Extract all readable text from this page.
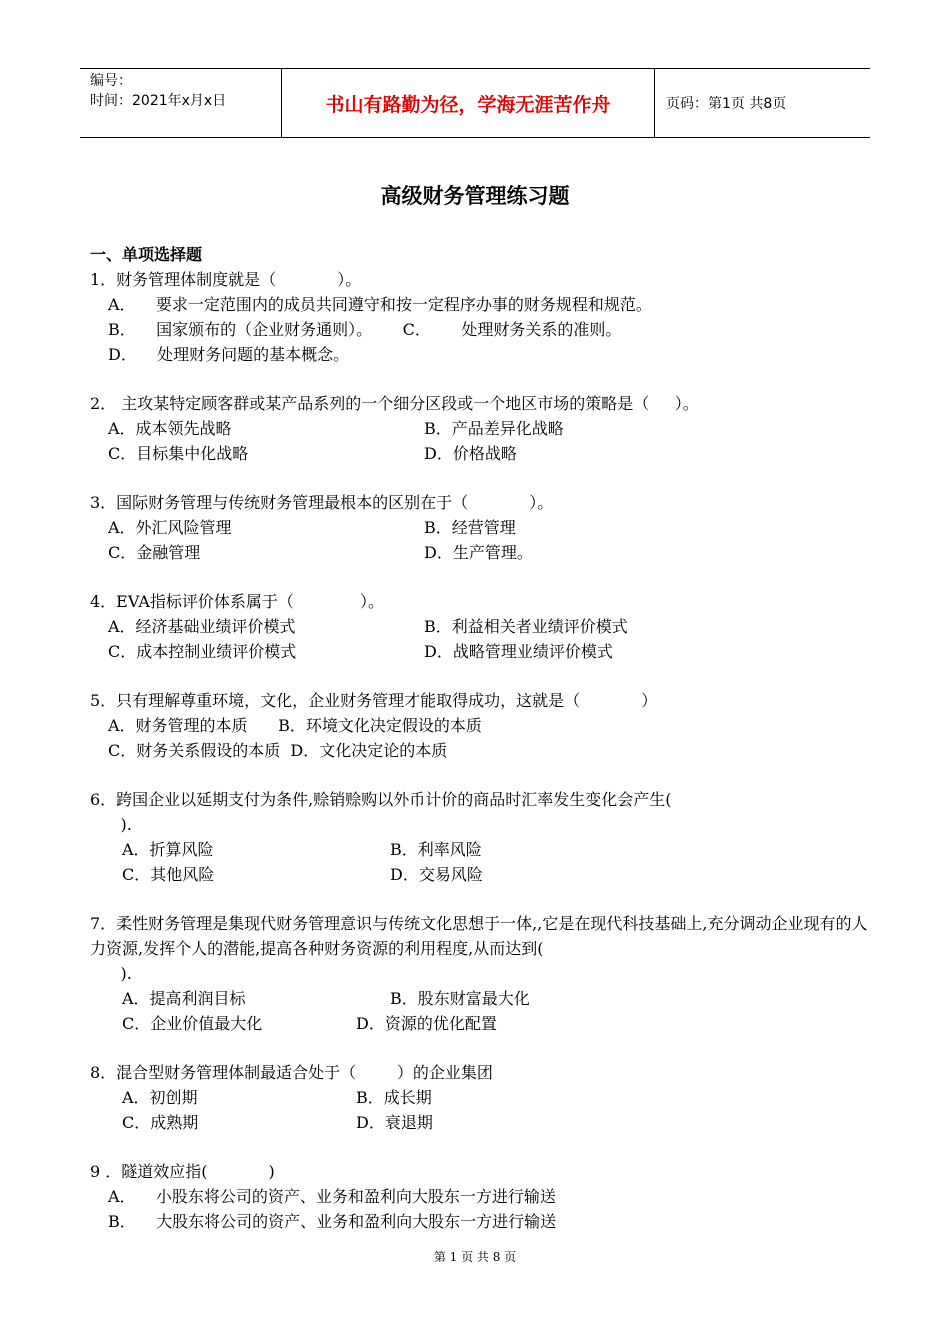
编号：
时间：2021年x月x日	书山有路勤为径，学海无涯苦作舟	页码：第1页 共8页
高级财务管理练习题
一、单项选择题
1．财务管理体制度就是（            ）。
A．    要求一定范围内的成员共同遵守和按一定程序办事的财务规程和规范。
B．    国家颁布的（企业财务通则）。      C．      处理财务关系的准则。
D．    处理财务问题的基本概念。
2． 主攻某特定顾客群或某产品系列的一个细分区段或一个地区市场的策略是（     ）。
A．成本领先战略	B．产品差异化战略
C．目标集中化战略	D．价格战略
3．国际财务管理与传统财务管理最根本的区别在于（            ）。
A．外汇风险管理	B．经营管理
C．金融管理	D．生产管理。
4．EVA指标评价体系属于（             ）。
A．经济基础业绩评价模式	B．利益相关者业绩评价模式
C．成本控制业绩评价模式	D．战略管理业绩评价模式
5．只有理解尊重环境，文化，企业财务管理才能取得成功，这就是（            ）
A．财务管理的本质      B．环境文化决定假设的本质
C．财务关系假设的本质  D．文化决定论的本质
6．跨国企业以延期支付为条件,赊销赊购以外币计价的商品时汇率发生变化会产生(
).
A．折算风险	B．利率风险
C．其他风险	D．交易风险
7．柔性财务管理是集现代财务管理意识与传统文化思想于一体,,它是在现代科技基础上,充分调动企业现有的人力资源,发挥个人的潜能,提高各种财务资源的利用程度,从而达到(
).
A．提高利润目标	B．股东财富最大化
C．企业价值最大化	D．资源的优化配置
8．混合型财务管理体制最适合处于（        ）的企业集团
A．初创期	B．成长期
C．成熟期	D．衰退期
9 ．隧道效应指(            )
A．    小股东将公司的资产、业务和盈利向大股东一方进行输送
B．    大股东将公司的资产、业务和盈利向大股东一方进行输送
第 1 页 共 8 页
